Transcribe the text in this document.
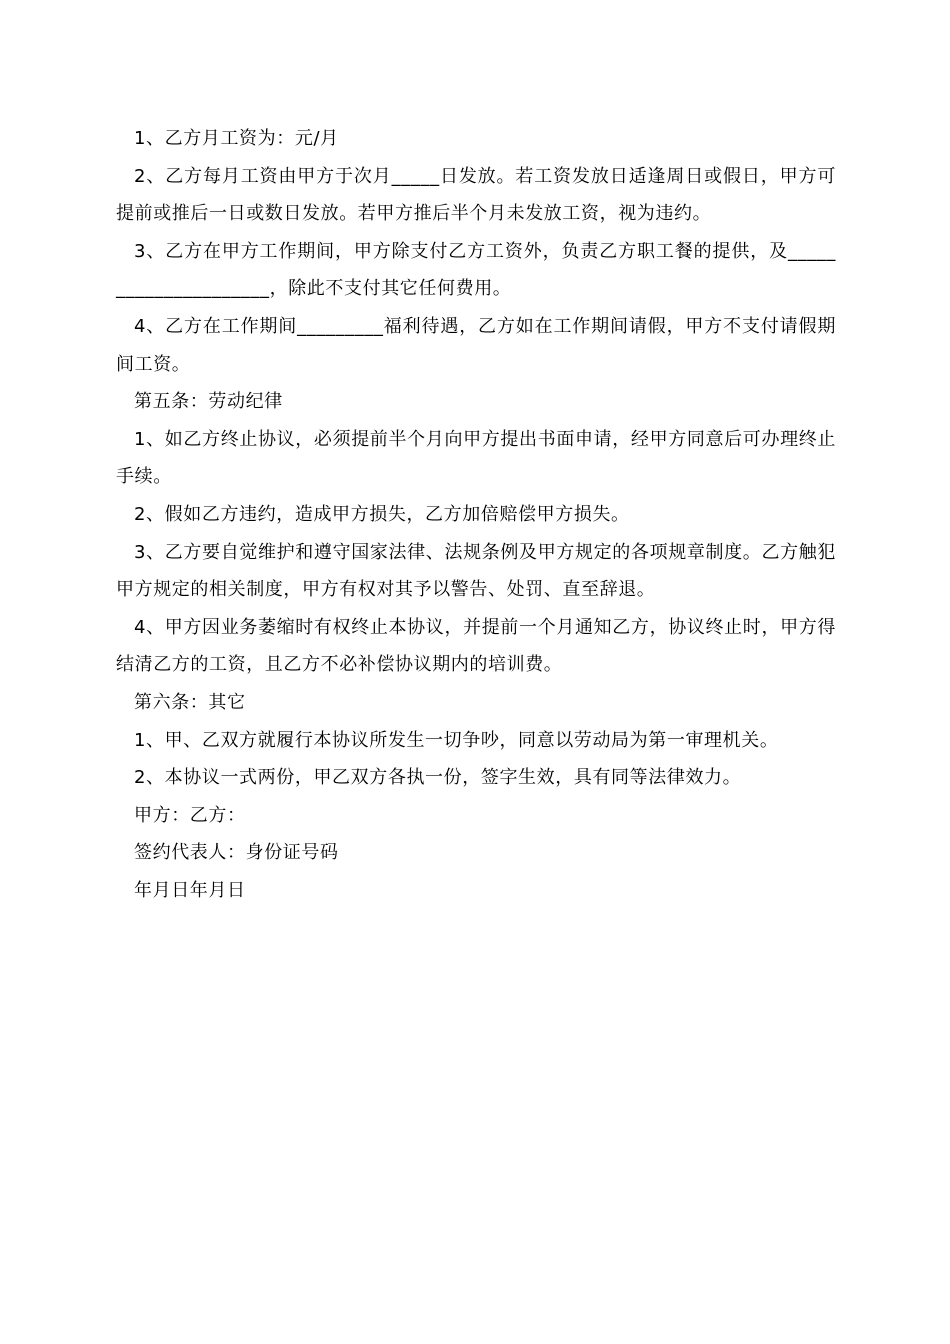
1、乙方月工资为：元/月

2、乙方每月工资由甲方于次月_____日发放。若工资发放日适逢周日或假日，甲方可提前或推后一日或数日发放。若甲方推后半个月未发放工资，视为违约。

3、乙方在甲方工作期间，甲方除支付乙方工资外，负责乙方职工餐的提供，及_____________________，除此不支付其它任何费用。

4、乙方在工作期间_________福利待遇，乙方如在工作期间请假，甲方不支付请假期间工资。

第五条：劳动纪律

1、如乙方终止协议，必须提前半个月向甲方提出书面申请，经甲方同意后可办理终止手续。

2、假如乙方违约，造成甲方损失，乙方加倍赔偿甲方损失。

3、乙方要自觉维护和遵守国家法律、法规条例及甲方规定的各项规章制度。乙方触犯甲方规定的相关制度，甲方有权对其予以警告、处罚、直至辞退。

4、甲方因业务萎缩时有权终止本协议，并提前一个月通知乙方，协议终止时，甲方得结清乙方的工资，且乙方不必补偿协议期内的培训费。

第六条：其它

1、甲、乙双方就履行本协议所发生一切争吵，同意以劳动局为第一审理机关。

2、本协议一式两份，甲乙双方各执一份，签字生效，具有同等法律效力。

甲方：乙方：

签约代表人：身份证号码

年月日年月日
